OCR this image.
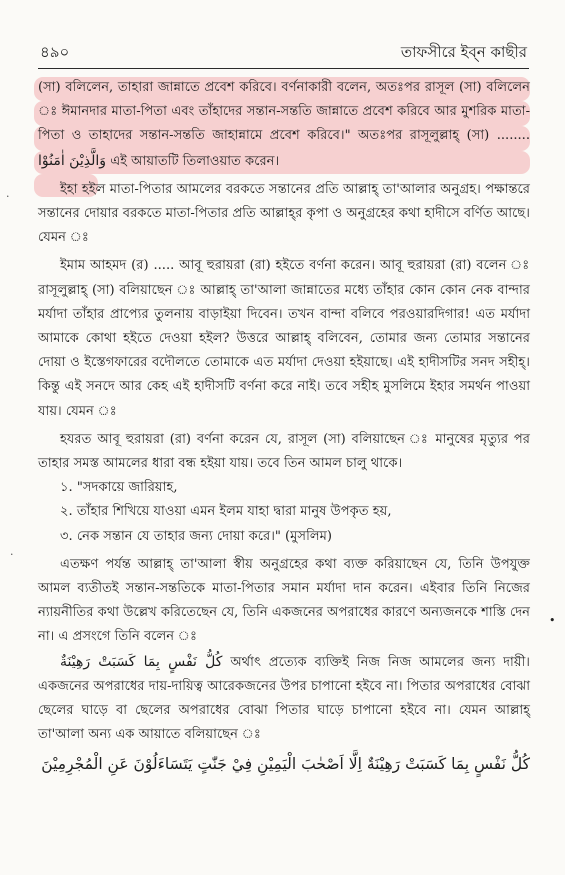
৪৯০	তাফসীরে ইব্‌ন কাছীর

(সা) বলিলেন, তাহারা জান্নাতে প্রবেশ করিবে। বর্ণনাকারী বলেন, অতঃপর রাসূল (সা) বলিলেন ঃ ঈমানদার মাতা-পিতা এবং তাঁহাদের সন্তান-সন্ততি জান্নাতে প্রবেশ করিবে আর মুশরিক মাতা-পিতা ও তাহাদের সন্তান-সন্ততি জাহান্নামে প্রবেশ করিবে।" অতঃপর রাসূলুল্লাহ্ (সা) ........ وَالَّذِيْنَ اٰمَنُوْا এই আয়াতটি তিলাওয়াত করেন।

ইহা হইল মাতা-পিতার আমলের বরকতে সন্তানের প্রতি আল্লাহ্ তা'আলার অনুগ্রহ। পক্ষান্তরে সন্তানের দোয়ার বরকতে মাতা-পিতার প্রতি আল্লাহ্‌র কৃপা ও অনুগ্রহের কথা হাদীসে বর্ণিত আছে। যেমন ঃ

ইমাম আহমদ (র) ..... আবূ হুরায়রা (রা) হইতে বর্ণনা করেন। আবূ হুরায়রা (রা) বলেন ঃ রাসূলুল্লাহ্ (সা) বলিয়াছেন ঃ আল্লাহ্ তা'আলা জান্নাতের মধ্যে তাঁহার কোন কোন নেক বান্দার মর্যাদা তাঁহার প্রাপ্যের তুলনায় বাড়াইয়া দিবেন। তখন বান্দা বলিবে পরওয়ারদিগার! এত মর্যাদা আমাকে কোথা হইতে দেওয়া হইল? উত্তরে আল্লাহ্ বলিবেন, তোমার জন্য তোমার সন্তানের দোয়া ও ইস্তেগফারের বদৌলতে তোমাকে এত মর্যাদা দেওয়া হইয়াছে। এই হাদীসটির সনদ সহীহ্। কিন্তু এই সনদে আর কেহ এই হাদীসটি বর্ণনা করে নাই। তবে সহীহ মুসলিমে ইহার সমর্থন পাওয়া যায়। যেমন ঃ

হযরত আবূ হুরায়রা (রা) বর্ণনা করেন যে, রাসূল (সা) বলিয়াছেন ঃ মানুষের মৃত্যুর পর তাহার সমস্ত আমলের ধারা বন্ধ হইয়া যায়। তবে তিন আমল চালু থাকে।

১. "সদকায়ে জারিয়াহ,

২. তাঁহার শিখিয়ে যাওয়া এমন ইলম যাহা দ্বারা মানুষ উপকৃত হয়,

৩. নেক সন্তান যে তাহার জন্য দোয়া করে।" (মুসলিম)

এতক্ষণ পর্যন্ত আল্লাহ্ তা'আলা স্বীয় অনুগ্রহের কথা ব্যক্ত করিয়াছেন যে, তিনি উপযুক্ত আমল ব্যতীতই সন্তান-সন্ততিকে মাতা-পিতার সমান মর্যাদা দান করেন। এইবার তিনি নিজের ন্যায়নীতির কথা উল্লেখ করিতেছেন যে, তিনি একজনের অপরাধের কারণে অন্যজনকে শাস্তি দেন না। এ প্রসংগে তিনি বলেন ঃ

كُلُّ نَفْسٍ بِمَا كَسَبَتْ رَهِيْنَةٌ অর্থাৎ প্রত্যেক ব্যক্তিই নিজ নিজ আমলের জন্য দায়ী। একজনের অপরাধের দায়-দায়িত্ব আরেকজনের উপর চাপানো হইবে না। পিতার অপরাধের বোঝা ছেলের ঘাড়ে বা ছেলের অপরাধের বোঝা পিতার ঘাড়ে চাপানো হইবে না। যেমন আল্লাহ্ তা'আলা অন্য এক আয়াতে বলিয়াছেন ঃ

كُلُّ نَفْسٍ بِمَا كَسَبَتْ رَهِيْنَةٌ اِلَّا اَصْحٰبَ الْيَمِيْنِ فِيْ جَنّٰتٍ يَتَسَاءَلُوْنَ عَنِ الْمُجْرِمِيْنَ

·
·
•
